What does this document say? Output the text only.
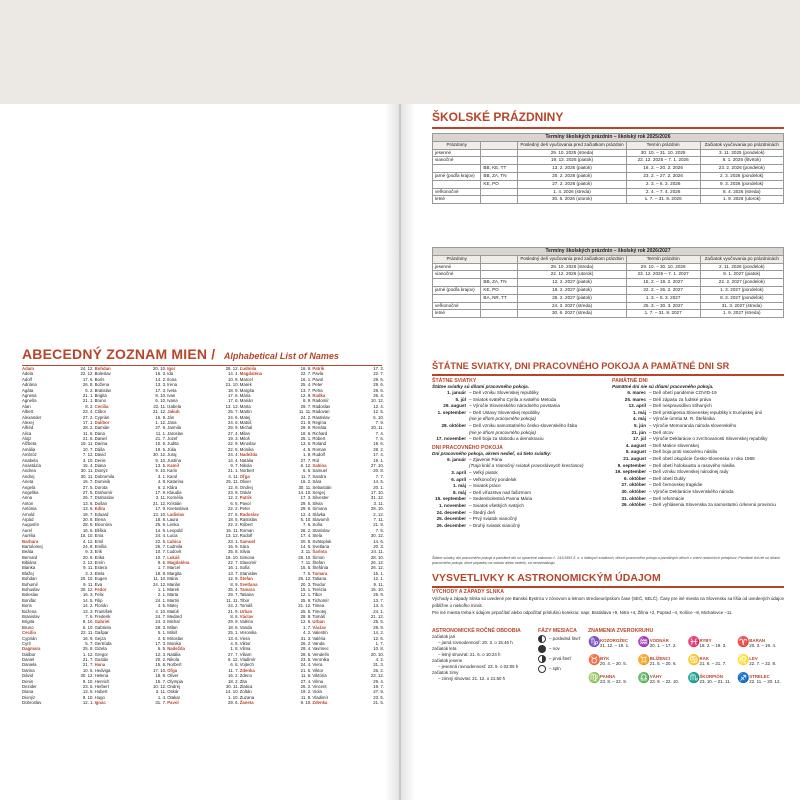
ABECEDNÝ ZOZNAM MIEN / Alphabetical List of Names
Adam	24. 12.
Adela	22. 12.
Adolf	17. 6.
Adriána	26. 8.
Agáta	5. 2.
Agnesa	21. 1.
Agneša	21. 1.
Alan	8. 2.
Albert	23. 4.
Alexander	27. 2.
Alexej	17. 1.
Alfréd	28. 2.
Alica	11. 6.
Alojz	21. 6.
Alžbeta	19. 11.
Amália	10. 7.
Ambróz	7. 12.
Anabela	3. 10.
Anastázia	15. 4.
Andrea	30. 11.
Andrej	30. 11.
Aneta	16. 7.
Angela	27. 5.
Angelika	27. 5.
Anna	26. 7.
Anton	13. 6.
Antónia	13. 6.
Arnold	18. 7.
Arpád	20. 8.
Augustín	28. 8.
Aurel	16. 6.
Aurélia	15. 10.
Barbara	4. 12.
Bartolomej	24. 8.
Beáta	9. 3.
Bernard	20. 8.
Bibiána	2. 12.
Blanka	9. 11.
Blažej	3. 2.
Bohdan	20. 10.
Bohumil	9. 11.
Bohuslav	30. 12.
Boleslav	16. 3.
Bonifác	14. 5.
Boris	14. 2.
Božena	13. 3.
Branislav	7. 6.
Brigita	8. 10.
Bruno	6. 10.
Cecília	22. 11.
Cyprián	16. 9.
Cyril	5. 7.
Dagmara	25. 8.
Dalibor	1. 12.
Daniel	21. 7.
Daniela	21. 7.
Darina	10. 5.
Dávid	30. 12.
Denis	9. 10.
Dezider	23. 5.
Diana	13. 5.
Dionýz	9. 10.
Dobroslav	12. 1.
Bohdan	20. 10.
Boleslav	16. 3.
Boris	14. 2.
Božena	13. 3.
Bratislav	17. 3.
Brigita	8. 10.
Bruno	6. 10.
Cecília	22. 11.
Ctibor	21. 12.
Cyprián	16. 9.
Dalibor	1. 12.
Damián	27. 9.
Dana	11. 1.
Daniel	21. 7.
Darina	10. 5.
Dáša	19. 5.
Dávid	30. 12.
Denis	9. 10.
Diana	13. 5.
Dionýz	9. 10.
Dobromila	3. 1.
Dominik	4. 8.
Dorota	6. 2.
Drahomír	17. 9.
Drahoslav	3. 11.
Dušan	21. 12.
Edita	17. 9.
Eduard	13. 10.
Elena	18. 8.
Eleonóra	25. 6.
Eliška	14. 6.
Ema	24. 4.
Emil	22. 5.
Emília	26. 7.
Erik	10. 7.
Erika	10. 7.
Ervín	8. 6.
Estera	1. 7.
Etela	18. 8.
Eugen	11. 10.
Eva	24. 12.
Fedor	1. 1.
Felix	2. 1.
Filip	24. 1.
Florián	4. 5.
František	4. 10.
Frederik	24. 7.
Gabriel	24. 3.
Gabriela	28. 3.
Gašpar	5. 1.
Gejza	2. 5.
Gertrúda	17. 3.
Gizela	6. 5.
Gregor	12. 3.
Gustáv	20. 2.
Hana	15. 6.
Hedviga	17. 10.
Helena	18. 8.
Henrich	15. 7.
Herbert	10. 12.
Hubert	3. 11.
Hugo	1. 4.
Ignác	31. 7.
Igor	28. 12.
Ida	14. 4.
Ilona	10. 8.
Irena	21. 10.
Iveta	18. 9.
Ivan	17. 6.
Ivana	17. 6.
Izabela	13. 12.
Jakub	25. 7.
Ján	24. 6.
Jana	24. 6.
Jarmila	29. 9.
Jaroslav	27. 4.
Jozef	19. 3.
Judita	22. 9.
Júlia	22. 5.
Juraj	24. 4.
Justína	14. 4.
Kamil	9. 7.
Karin	21. 1.
Karol	4. 11.
Katarína	25. 11.
Klára	12. 8.
Klaudia	23. 9.
Kornélia	12. 2.
Kristián	6. 5.
Kvetoslava	22. 2.
Ladislav	27. 6.
Laura	18. 5.
Lenka	22. 2.
Leopold	15. 11.
Lucia	13. 12.
Ľubica	23. 1.
Ľudmila	16. 9.
Ľudovít	25. 8.
Lukáš	18. 10.
Magdaléna	22. 7.
Marcel	16. 1.
Margita	13. 7.
Mária	12. 9.
Marián	8. 9.
Marek	25. 4.
Marta	29. 7.
Martin	11. 11.
Matej	24. 2.
Matúš	21. 9.
Medard	8. 6.
Michal	29. 9.
Milan	18. 6.
Miloš	25. 1.
Miroslav	13. 6.
Monika	4. 5.
Nadežda	1. 8.
Natália	27. 7.
Nikola	6. 12.
Norbert	6. 6.
Oľga	11. 7.
Oliver	16. 2.
Olympia	18. 2.
Ondrej	30. 11.
Oskár	14. 10.
Otakar	1. 10.
Pavol	29. 6.
Ľudmila	16. 9.
Magdaléna	22. 7.
Marcel	16. 1.
Marek	25. 4.
Margita	13. 7.
Mária	12. 9.
Marián	8. 9.
Marta	29. 7.
Martin	11. 11.
Matej	24. 2.
Matúš	21. 9.
Michal	29. 9.
Milan	18. 6.
Miloš	25. 1.
Miroslav	13. 6.
Monika	4. 5.
Nadežda	1. 8.
Natália	27. 7.
Nikola	6. 12.
Norbert	6. 6.
Oľga	11. 7.
Oliver	16. 2.
Ondrej	30. 11.
Oskár	14. 10.
Patrik	17. 3.
Pavol	29. 6.
Peter	29. 6.
Radoslav	12. 4.
Rastislav	5. 10.
Róbert	7. 6.
Roman	28. 2.
Rudolf	17. 4.
Samuel	20. 8.
Sára	14. 5.
Silvia	3. 11.
Simona	28. 10.
Slavomír	7. 11.
Sofia	15. 5.
Stanislav	7. 5.
Štefan	26. 12.
Svetlana	20. 3.
Tamara	15. 1.
Tatiana	12. 1.
Tibor	25. 9.
Tomáš	21. 12.
Urban	25. 5.
Václav	28. 9.
Valéria	12. 6.
Vanda	1. 7.
Veronika	4. 2.
Viera	31. 3.
Viktor	26. 2.
Vilma	29. 4.
Viliam	28. 5.
Vladimír	23. 5.
Vojtech	24. 4.
Zdenka	21. 5.
Zdeno	11. 6.
Zita	27. 4.
Zlatica	26. 2.
Zoltán	19. 2.
Zuzana	11. 8.
Žaneta	9. 10.
Patrik	17. 3.
Pavla	22. 7.
Pavol	29. 6.
Peter	29. 6.
Petra	29. 6.
Radka	26. 4.
Radomír	10. 12.
Radoslav	12. 4.
Radovan	12. 5.
Rastislav	5. 10.
Regína	7. 9.
Renáta	20. 11.
Richard	7. 4.
Róbert	7. 6.
Roland	19. 6.
Roman	28. 2.
Rudolf	17. 4.
Rút	19. 1.
Sabína	27. 10.
Samuel	20. 8.
Sandra	7. 7.
Sára	14. 5.
Sebastián	20. 1.
Sergej	17. 10.
Silvester	31. 12.
Silvia	3. 11.
Simona	28. 10.
Slávka	2. 12.
Slavomír	7. 11.
Soňa	21. 9.
Stanislav	7. 5.
Stela	30. 12.
Svätopluk	14. 6.
Svetlana	20. 3.
Šarlota	24. 11.
Šimon	28. 10.
Štefan	26. 12.
Štefánia	26. 12.
Tamara	15. 1.
Tatiana	12. 1.
Teodor	9. 11.
Terézia	15. 10.
Tibor	25. 9.
Tichomír	13. 7.
Timea	13. 4.
Timotej	24. 1.
Tomáš	21. 12.
Urban	25. 5.
Václav	28. 9.
Valentín	14. 2.
Valéria	12. 6.
Vanda	1. 7.
Vavrinec	10. 8.
Vendelín	20. 10.
Veronika	4. 2.
Viera	31. 3.
Viktor	26. 2.
Viktória	23. 12.
Vilma	29. 4.
Vincent	19. 7.
Viola	27. 9.
Vladimír	23. 5.
Zdenka	21. 5.
ŠKOLSKÉ PRÁZDNINY
Termíny školských prázdnin – školský rok 2025/2026				
Prázdniny		Posledný deň vyučovania pred začiatkom prázdnin	Termín prázdnin	Začiatok vyučovania po prázdninách
jesenné		29. 10. 2025 (streda)	30. 10. – 31. 10. 2025	3. 11. 2025 (pondelok)
vianočné		19. 12. 2025 (piatok)	22. 12. 2025 – 7. 1. 2026	8. 1. 2026 (štvrtok)
	BB, KE, TT	13. 2. 2026 (piatok)	16. 2. – 20. 2. 2026	23. 2. 2026 (pondelok)
jarné (podľa krajov)	BB, ZA, TN	20. 2. 2026 (piatok)	23. 2. – 27. 2. 2026	2. 3. 2026 (pondelok)
	KE, PO	27. 2. 2026 (piatok)	2. 3. – 6. 3. 2026	9. 3. 2026 (pondelok)
veľkonočné		1. 4. 2026 (streda)	2. 4. – 7. 4. 2026	8. 4. 2026 (streda)
letné		30. 6. 2026 (utorok)	1. 7. – 31. 8. 2026	1. 9. 2026 (utorok)
Termíny školských prázdnin – školský rok 2026/2027				
Prázdniny		Posledný deň vyučovania pred začiatkom prázdnin	Termín prázdnin	Začiatok vyučovania po prázdninách
jesenné		28. 10. 2026 (streda)	29. 10. – 30. 10. 2026	2. 11. 2026 (pondelok)
vianočné		22. 12. 2026 (utorok)	23. 12. 2026 – 7. 1. 2027	8. 1. 2027 (piatok)
	BB, ZA, TN	12. 2. 2027 (piatok)	15. 2. – 19. 2. 2027	22. 2. 2027 (pondelok)
jarné (podľa krajov)	KE, PO	19. 2. 2027 (piatok)	22. 2. – 26. 2. 2027	1. 3. 2027 (pondelok)
	BA, NR, TT	26. 2. 2027 (piatok)	1. 3. – 5. 3. 2027	8. 3. 2027 (pondelok)
veľkonočné		24. 3. 2027 (streda)	25. 3. – 30. 3. 2027	31. 3. 2027 (streda)
letné		30. 6. 2027 (streda)	1. 7. – 31. 8. 2027	1. 9. 2027 (streda)
ŠTÁTNE SVIATKY, DNI PRACOVNÉHO POKOJA A PAMÄTNÉ DNI SR
ŠTÁTNE SVIATKY
Štátne sviatky sú dňami pracovného pokoja.
1. január – Deň vzniku Slovenskej republiky
5. júl – Sviatok svätého Cyrila a svätého Metoda
29. august – Výročie Slovenského národného povstania
1. september – Deň Ústavy Slovenskej republiky
(nie je dňom pracovného pokoja)
28. október – Deň vzniku samostatného česko-slovenského štátu
(nie je dňom pracovného pokoja)
17. november – Deň boja za slobodu a demokraciu
DNI PRACOVNÉHO POKOJA
Dni pracovného pokoja, okrem nedieľ, sú tieto sviatky:
6. január – Zjavenie Pána
(Traja králi a Vianočný sviatok pravoslávnych kresťanov)
3. apríl – Veľký piatok
6. apríl – Veľkonočný pondelok
1. máj – Sviatok práce
8. máj – Deň víťazstva nad fašizmom
15. september – Sedembolestná Panna Mária
1. november – Sviatok všetkých svätých
24. december – Štedrý deň
25. december – Prvý sviatok vianočný
26. december – Druhý sviatok vianočný
PAMÄTNÉ DNI
Pamätné dni nie sú dňami pracovného pokoja.
6. marec – Deň obetí pandémie COVID-19
25. marec – Deň zápasu za ľudské práva
13. apríl – Deň nespravodlivo stíhaných
1. máj – Deň pristúpenia Slovenskej republiky k Európskej únii
4. máj – Výročie úmrtia M. R. Štefánika
5. jún – Výročie Memoranda národa slovenského
21. jún – Deň otcov
17. júl – Výročie Deklarácie o zvrchovanosti Slovenskej republiky
4. august – Deň Matice slovenskej
5. august – Deň boja proti rasovému násiliu
21. august – Deň obetí okupácie Česko-Slovenska v roku 1968
9. september – Deň obetí holokaustu a rasového násilia
19. september – Deň vzniku Slovenskej národnej rady
6. október – Deň obetí Dukly
27. október – Deň černovskej tragédie
30. október – Výročie Deklarácie slovenského národa
31. október – Deň reformácie
26. október – Deň vyhlásenia Slovenska za samostatnú cirkevnú provinciu
Štátne sviatky, dni pracovného pokoja a pamätné dni sú upravené zákonom č. 241/1993 Z. z. o štátnych sviatkoch, dňoch pracovného pokoja a pamätných dňoch v znení neskorších predpisov. Pamätné dni nie sú dňami pracovného pokoja, ktoré pripadnú na sobotu alebo nedeľu, sa nenahrádzajú.
VYSVETLIVKY K ASTRONOMICKÝM ÚDAJOM
VÝCHODY A ZÁPADY SLNKA
Východy a západy Slnka sú uvedené pre Banskú Bystricu v zónovom a letnom stredoeurópskom čase (SEČ, SELČ). Časy pre iné miesta na Slovensku sa líšia od uvedených údajov približne o niekoľko minút.
Pre iné miesta treba k údajom pripočítať alebo odpočítať príslušnú korekciu: napr. Bratislava +9, Nitra +4, Žilina +2, Poprad –4, Košice –8, Michalovce –11.
ASTRONOMICKÉ ROČNÉ OBDOBIA
začiatok jari
– jarná rovnodennosť: 20. 3. o 15:46 h
začiatok leta
– letný slnovrat: 21. 6. o 10:24 h
začiatok jesene
– jesenná rovnodennosť: 23. 9. o 02:05 h
začiatok zimy
– zimný slnovrat: 21. 12. o 21:50 h
FÁZY MESIACA
– posledná štvrť
– nov
– prvá štvrť
– spln
ZNAMENIA ZVEROKRUHU
♑ KOZOROŽEC
21. 12. – 19. 1. ♒ VODNÁR
20. 1. – 17. 2. ♓ RYBY
18. 2. – 19. 3. ♈ BARAN
20. 3. – 19. 4.
♉ BÝK
20. 4. – 20. 5. ♊ BLÍŽENCI
21. 5. – 20. 6. ♋ RAK
21. 6. – 21. 7. ♌ LEV
22. 7. – 22. 8.
♍ PANNA
23. 8. – 22. 9. ♎ VÁHY
23. 9. – 22. 10. ♏ ŠKORPIÓN
23. 10. – 21. 11. ♐ STRELEC
22. 11. – 20. 12.
